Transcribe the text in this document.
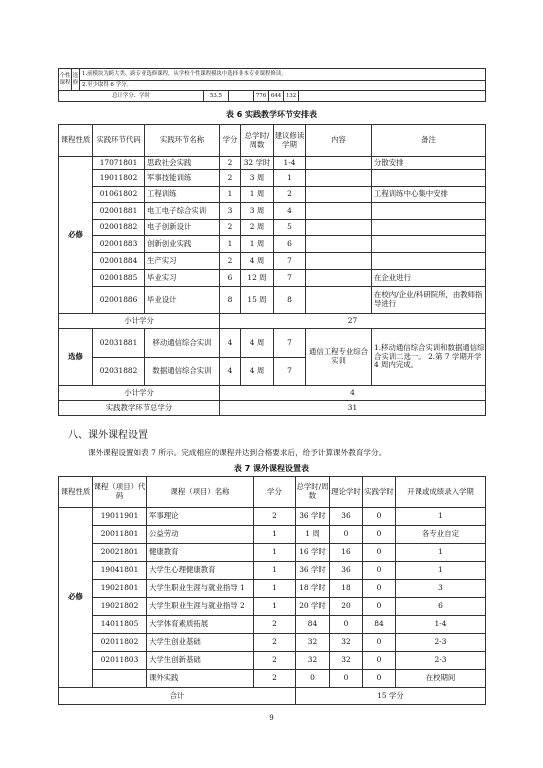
个性课程	选修	1.前模块为跨大类、跨专业选修课程，从学校个性课程模块中选择非本专业课程修读。						
		2.至少取得 6 学分。						
总计学分、学时			53.5		776	644	132	
表 6 实践教学环节安排表
课程性质	实践环节代码	实践环节名称	学分	总学时/周数	建议修读学期	内容	备注
必修	17071801	思政社会实践	2	32 学时	1-4		分散安排
	19011802	军事技能训练	2	3 周	1		
	01061802	工程训练	1	1 周	2		工程训练中心集中安排
	02001881	电工电子综合实训	3	3 周	4		
	02001882	电子创新设计	2	2 周	5		
	02001883	创新创业实践	1	1 周	6		
	02001884	生产实习	2	4 周	7		
	02001885	毕业实习	6	12 周	7		在企业进行
	02001886	毕业设计	8	15 周	8		在校内/企业/科研院所，由教师指导进行
小计学分			27				
选修	02031881	移动通信综合实训	4	4 周	7	通信工程专业综合实训	1.移动通信综合实训和数据通信综合实训二选一。 2.第 7 学期开学 4 周内完成。
	02031882	数据通信综合实训	4	4 周	7		
小计学分			4				
实践教学环节总学分			31				
八、课外课程设置
课外课程设置如表 7 所示。完成相应的课程并达到合格要求后，给予计算课外教育学分。
表 7 课外课程设置表
课程性质	课程（项目）代码	课程（项目）名称	学分	总学时/周数	理论学时	实践学时	开课或成绩录入学期
必修	19011901	军事理论	2	36 学时	36	0	1
	20011801	公益劳动	1	1 周	0	0	各专业自定
	20021801	健康教育	1	16 学时	16	0	1
	19041801	大学生心理健康教育	1	36 学时	36	0	1
	19021801	大学生职业生涯与就业指导 1	1	18 学时	18	0	3
	19021802	大学生职业生涯与就业指导 2	1	20 学时	20	0	6
	14011805	大学体育素质拓展	2	84	0	84	1-4
	02011802	大学生创业基础	2	32	32	0	2-3
	02011803	大学生创新基础	2	32	32	0	2-3
		课外实践	2	0	0	0	在校期间
合计				15 学分			
9
